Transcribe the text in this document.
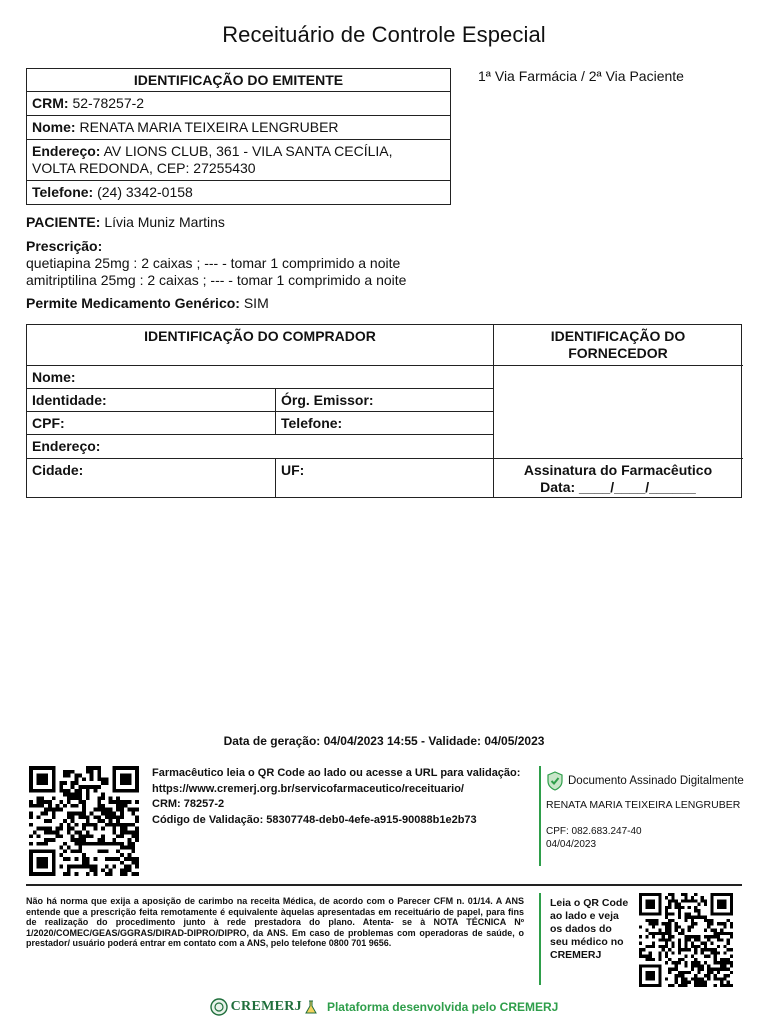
Receituário de Controle Especial
IDENTIFICAÇÃO DO EMITENTE
CRM: 52-78257-2
Nome: RENATA MARIA TEIXEIRA LENGRUBER
Endereço: AV LIONS CLUB, 361 - VILA SANTA CECÍLIA,
VOLTA REDONDA, CEP: 27255430
Telefone: (24) 3342-0158
1ª Via Farmácia / 2ª Via Paciente
PACIENTE: Lívia Muniz Martins
Prescrição:
quetiapina 25mg : 2 caixas ; --- - tomar 1 comprimido a noite
amitriptilina 25mg : 2 caixas ; --- - tomar 1 comprimido a noite
Permite Medicamento Genérico: SIM
IDENTIFICAÇÃO DO COMPRADOR	IDENTIFICAÇÃO DO
FORNECEDOR
Nome:
Identidade:	Órg. Emissor:
CPF:	Telefone:
Endereço:
Cidade:	UF:	Assinatura do Farmacêutico
Data: ____/____/______
Data de geração: 04/04/2023 14:55 - Validade: 04/05/2023
Farmacêutico leia o QR Code ao lado ou acesse a URL para validação:
https://www.cremerj.org.br/servicofarmaceutico/receituario/
CRM: 78257-2
Código de Validação: 58307748-deb0-4efe-a915-90088b1e2b73
Documento Assinado Digitalmente
RENATA MARIA TEIXEIRA LENGRUBER
CPF: 082.683.247-40
04/04/2023
Não há norma que exija a aposição de carimbo na receita Médica, de acordo com o Parecer CFM n. 01/14. A ANS entende que a prescrição feita remotamente é equivalente àquelas apresentadas em receituário de papel, para fins de realização do procedimento junto à rede prestadora do plano. Atenta- se à NOTA TÉCNICA Nº 1/2020/COMEC/GEAS/GGRAS/DIRAD-DIPRO/DIPRO, da ANS. Em caso de problemas com operadoras de saúde, o prestador/ usuário poderá entrar em contato com a ANS, pelo telefone 0800 701 9656.
Leia o QR Code ao lado e veja os dados do seu médico no CREMERJ
CREMERJ Plataforma desenvolvida pelo CREMERJ
